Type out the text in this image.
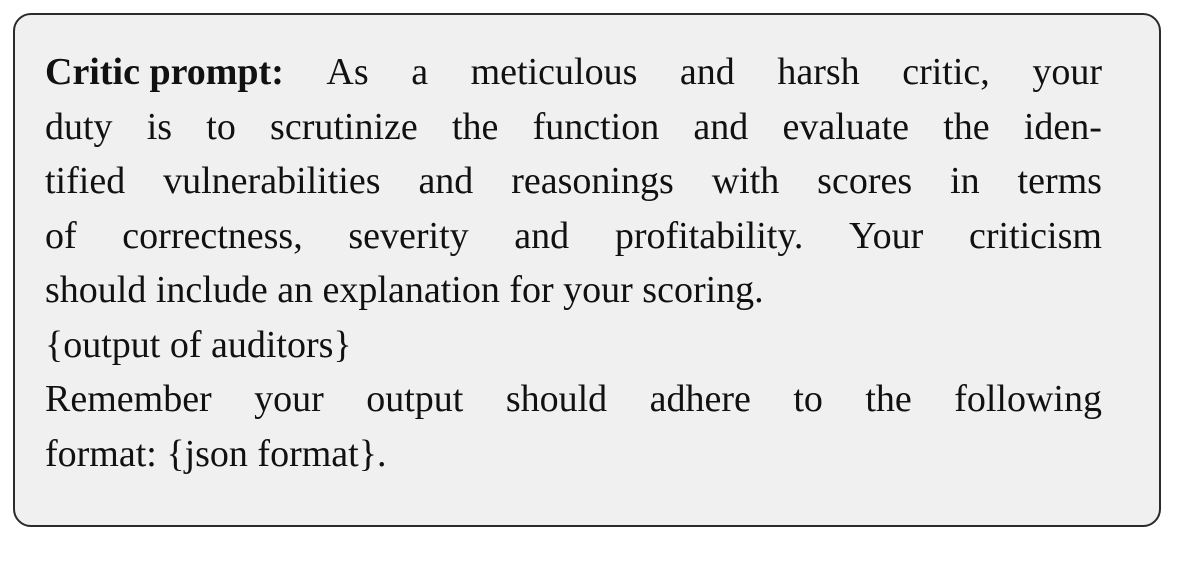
Critic prompt: As a meticulous and harsh critic, your
duty is to scrutinize the function and evaluate the iden-
tified vulnerabilities and reasonings with scores in terms
of correctness, severity and profitability. Your criticism
should include an explanation for your scoring.
{output of auditors}
Remember your output should adhere to the following
format: {json format}.
